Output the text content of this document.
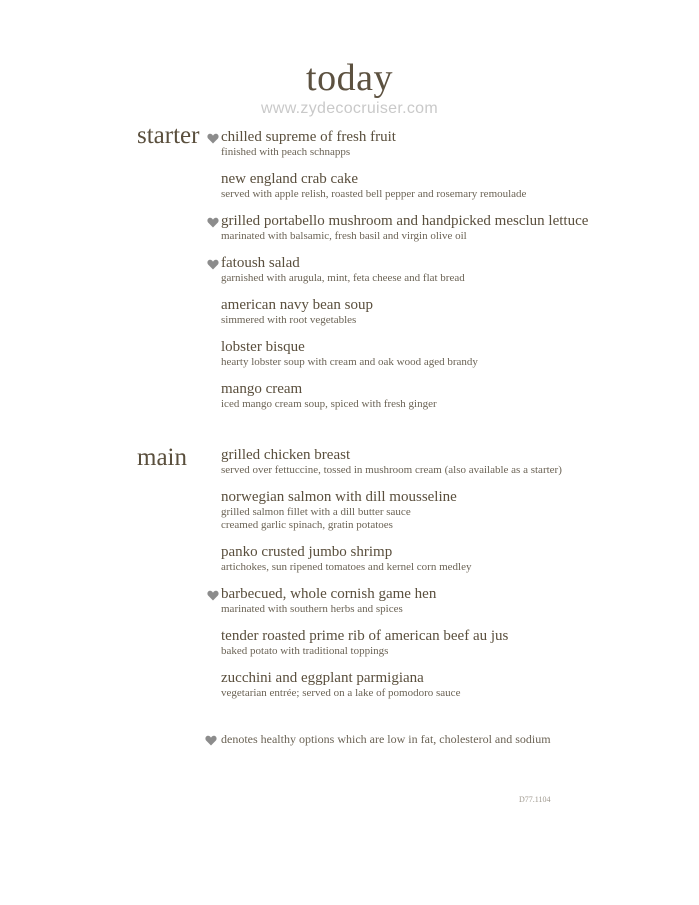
today
www.zydecocruiser.com
starter
main
chilled supreme of fresh fruit
finished with peach schnapps
new england crab cake
served with apple relish, roasted bell pepper and rosemary remoulade
grilled portabello mushroom and handpicked mesclun lettuce
marinated with balsamic, fresh basil and virgin olive oil
fatoush salad
garnished with arugula, mint, feta cheese and flat bread
american navy bean soup
simmered with root vegetables
lobster bisque
hearty lobster soup with cream and oak wood aged brandy
mango cream
iced mango cream soup, spiced with fresh ginger
grilled chicken breast
served over fettuccine, tossed in mushroom cream (also available as a starter)
norwegian salmon with dill mousseline
grilled salmon fillet with a dill butter sauce
creamed garlic spinach, gratin potatoes
panko crusted jumbo shrimp
artichokes, sun ripened tomatoes and kernel corn medley
barbecued, whole cornish game hen
marinated with southern herbs and spices
tender roasted prime rib of american beef au jus
baked potato with traditional toppings
zucchini and eggplant parmigiana
vegetarian entrée; served on a lake of pomodoro sauce
denotes healthy options which are low in fat, cholesterol and sodium
D77.1104
